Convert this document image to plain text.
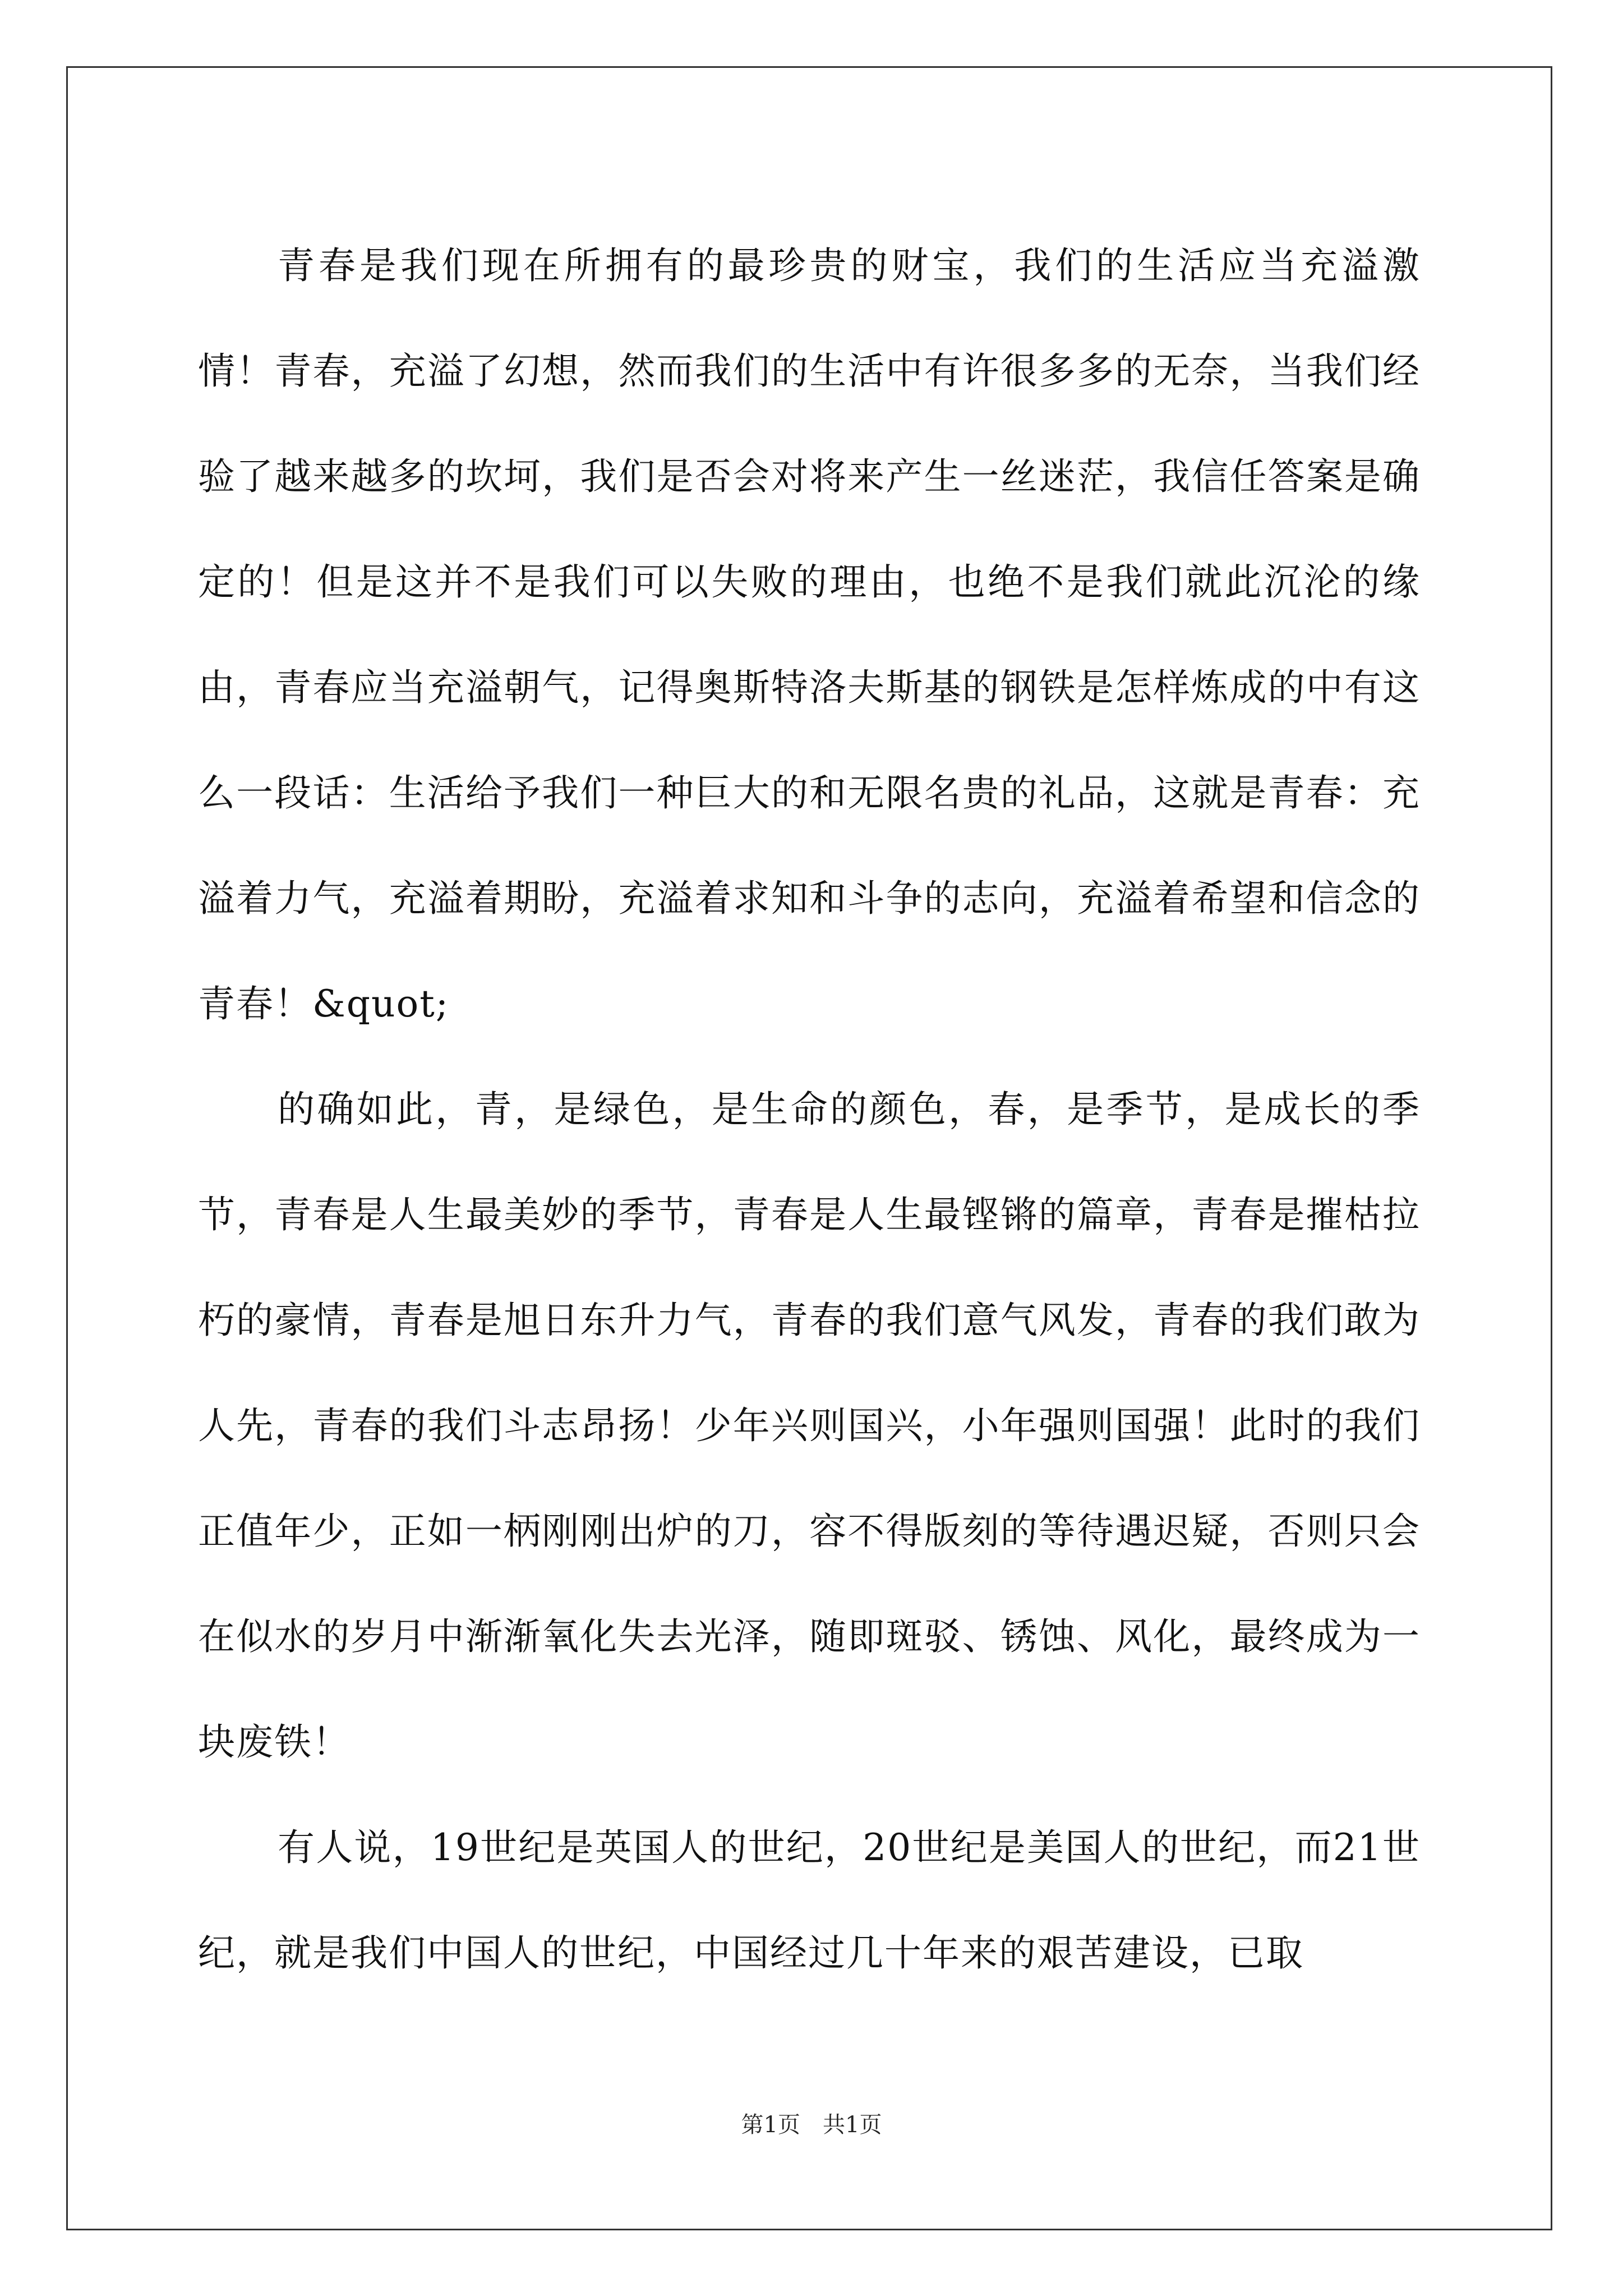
青春是我们现在所拥有的最珍贵的财宝，我们的生活应当充溢激情！青春，充溢了幻想，然而我们的生活中有许很多多的无奈，当我们经验了越来越多的坎坷，我们是否会对将来产生一丝迷茫，我信任答案是确定的！但是这并不是我们可以失败的理由，也绝不是我们就此沉沦的缘由，青春应当充溢朝气，记得奥斯特洛夫斯基的钢铁是怎样炼成的中有这么一段话：生活给予我们一种巨大的和无限名贵的礼品，这就是青春：充溢着力气，充溢着期盼，充溢着求知和斗争的志向，充溢着希望和信念的青春！&quot;

的确如此，青，是绿色，是生命的颜色，春，是季节，是成长的季节，青春是人生最美妙的季节，青春是人生最铿锵的篇章，青春是摧枯拉朽的豪情，青春是旭日东升力气，青春的我们意气风发，青春的我们敢为人先，青春的我们斗志昂扬！少年兴则国兴，小年强则国强！此时的我们正值年少，正如一柄刚刚出炉的刀，容不得版刻的等待遇迟疑，否则只会在似水的岁月中渐渐氧化失去光泽，随即斑驳、锈蚀、风化，最终成为一块废铁！

有人说，19世纪是英国人的世纪，20世纪是美国人的世纪，而21世纪，就是我们中国人的世纪，中国经过几十年来的艰苦建设，已取

第1页　共1页
